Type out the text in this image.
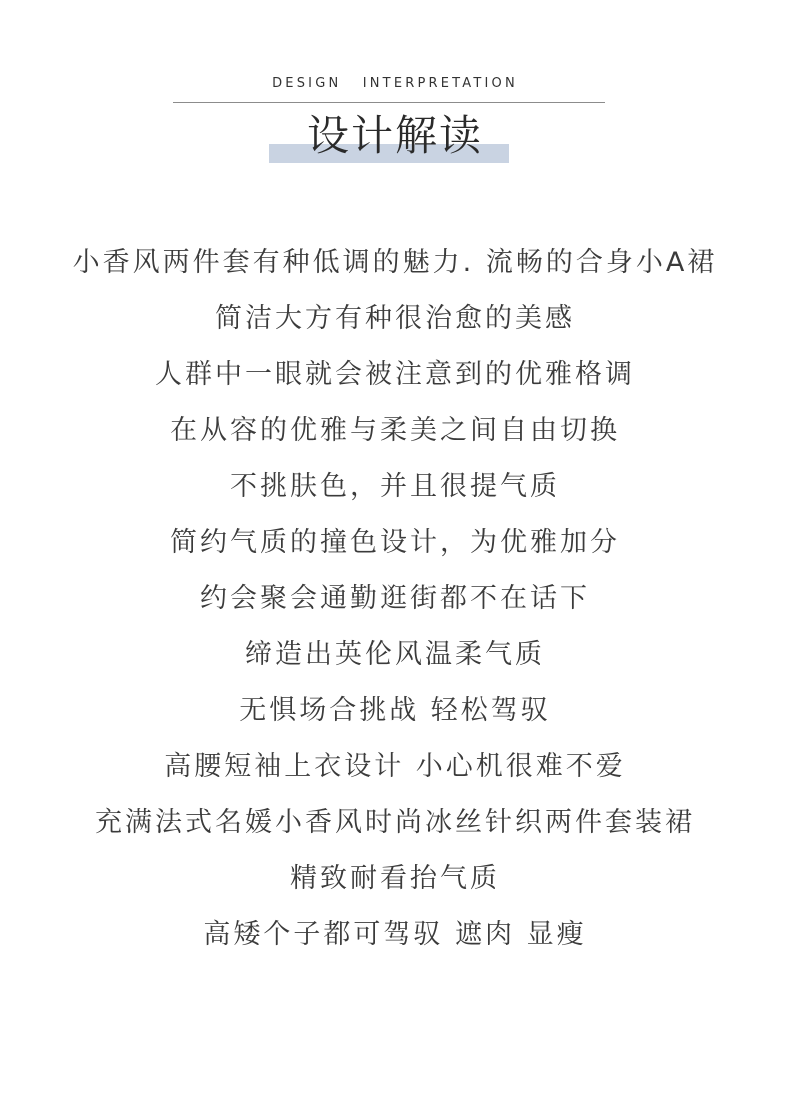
DESIGN INTERPRETATION
设计解读
小香风两件套有种低调的魅力. 流畅的合身小A裙
简洁大方有种很治愈的美感
人群中一眼就会被注意到的优雅格调
在从容的优雅与柔美之间自由切换
不挑肤色，并且很提气质
简约气质的撞色设计，为优雅加分
约会聚会通勤逛街都不在话下
缔造出英伦风温柔气质
无惧场合挑战 轻松驾驭
高腰短袖上衣设计 小心机很难不爱
充满法式名媛小香风时尚冰丝针织两件套装裙
精致耐看抬气质
高矮个子都可驾驭 遮肉 显瘦
